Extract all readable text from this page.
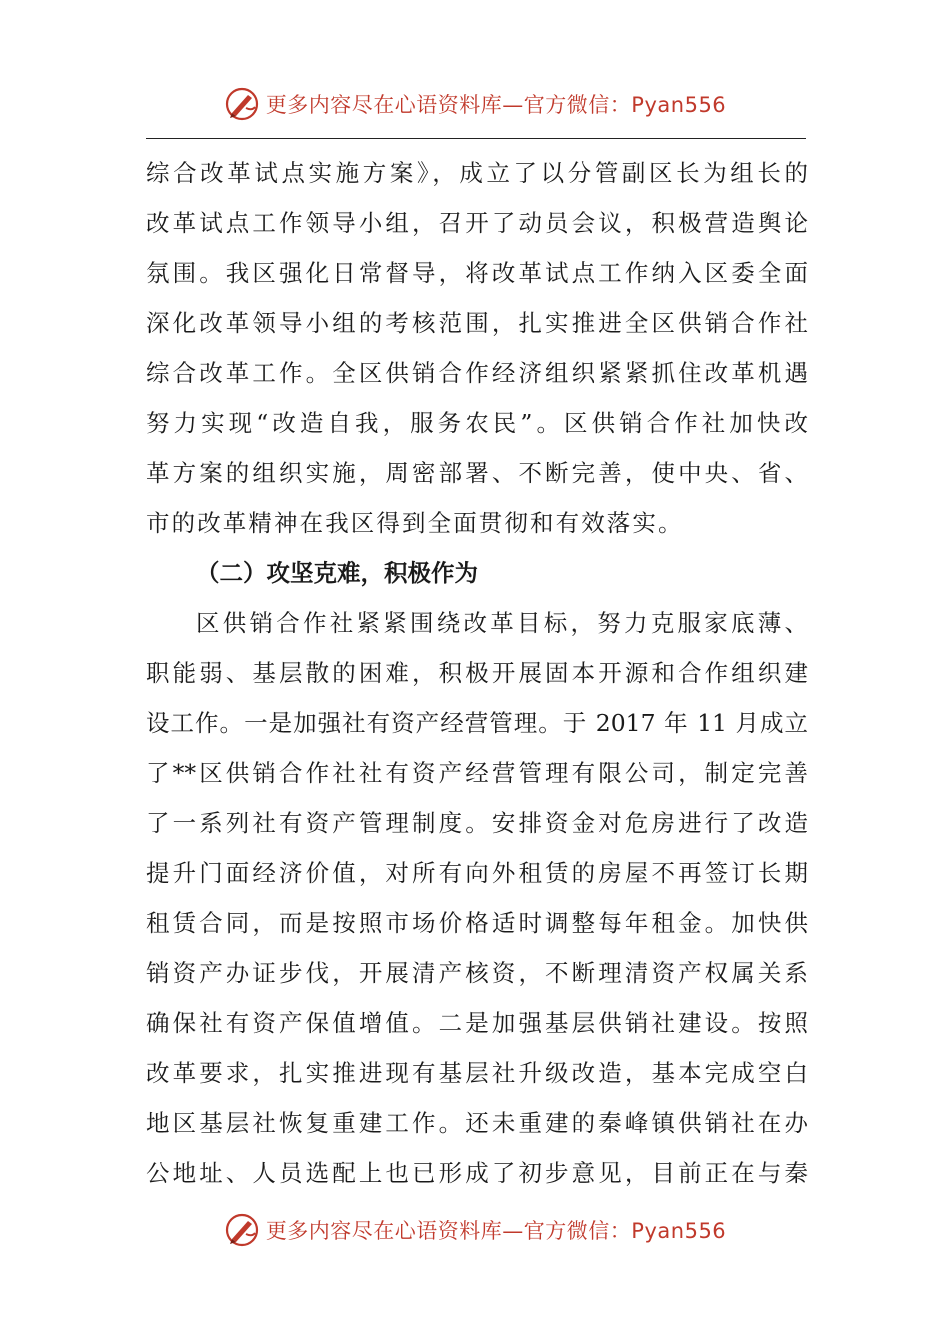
更多内容尽在心语资料库—官方微信：Pyan556
综合改革试点实施方案》，成立了以分管副区长为组长的
改革试点工作领导小组，召开了动员会议，积极营造舆论
氛围。我区强化日常督导，将改革试点工作纳入区委全面
深化改革领导小组的考核范围，扎实推进全区供销合作社
综合改革工作。全区供销合作经济组织紧紧抓住改革机遇
努力实现“改造自我，服务农民”。区供销合作社加快改
革方案的组织实施，周密部署、不断完善，使中央、省、
市的改革精神在我区得到全面贯彻和有效落实。
（二）攻坚克难，积极作为
区供销合作社紧紧围绕改革目标，努力克服家底薄、
职能弱、基层散的困难，积极开展固本开源和合作组织建
设工作。一是加强社有资产经营管理。于 2017 年 11 月成立
了**区供销合作社社有资产经营管理有限公司，制定完善
了一系列社有资产管理制度。安排资金对危房进行了改造
提升门面经济价值，对所有向外租赁的房屋不再签订长期
租赁合同，而是按照市场价格适时调整每年租金。加快供
销资产办证步伐，开展清产核资，不断理清资产权属关系
确保社有资产保值增值。二是加强基层供销社建设。按照
改革要求，扎实推进现有基层社升级改造，基本完成空白
地区基层社恢复重建工作。还未重建的秦峰镇供销社在办
公地址、人员选配上也已形成了初步意见，目前正在与秦
更多内容尽在心语资料库—官方微信：Pyan556
